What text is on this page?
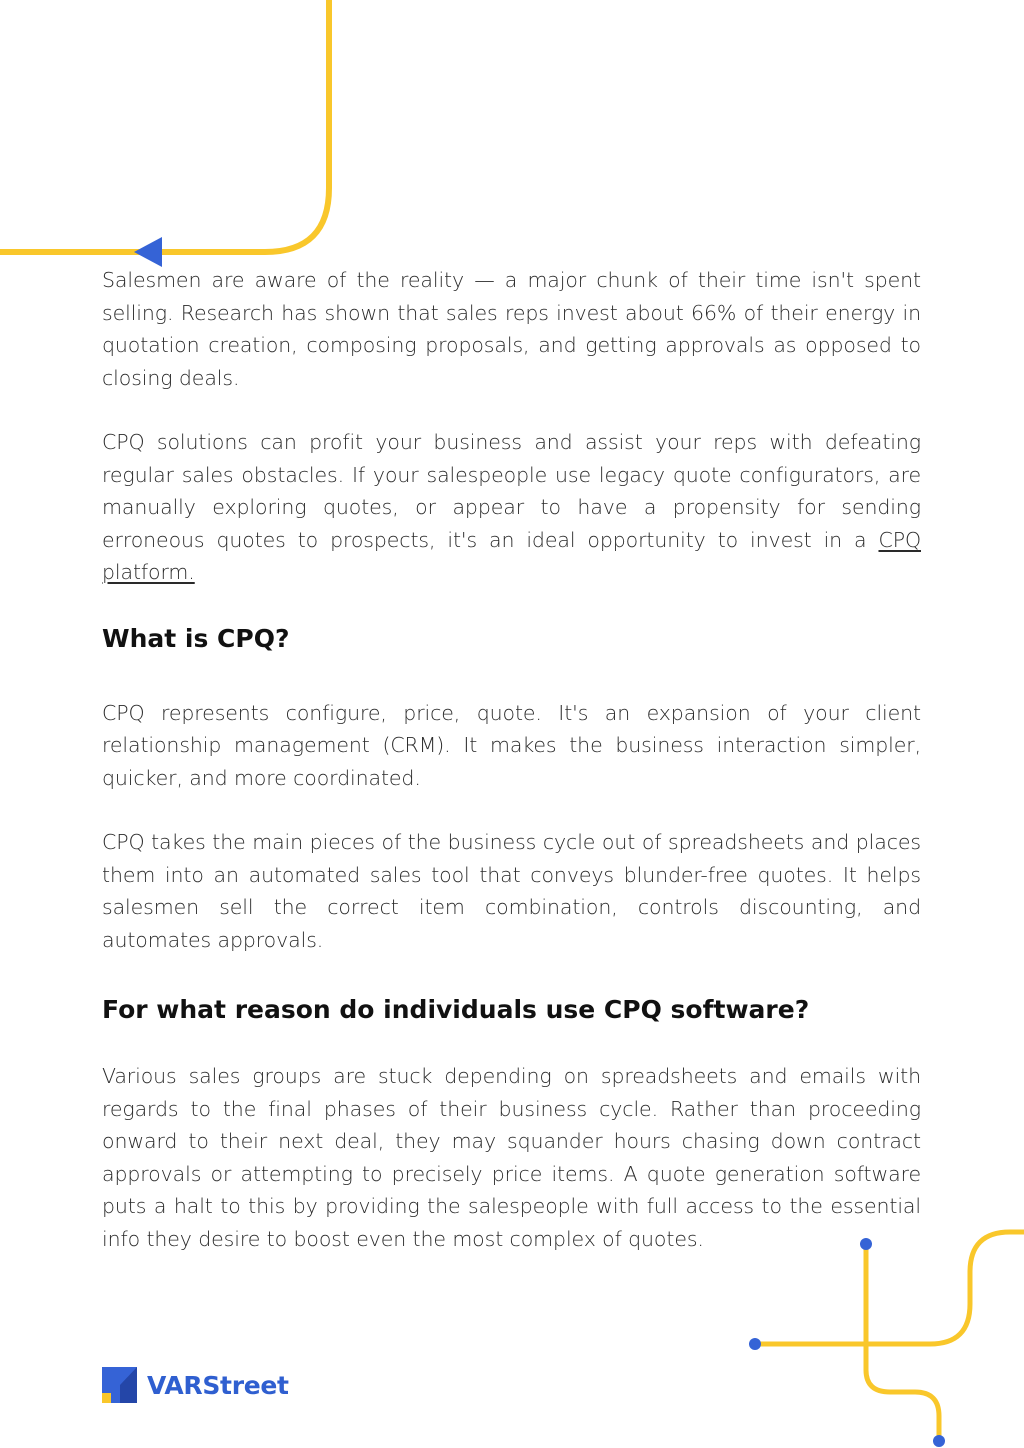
Salesmen are aware of the reality — a major chunk of their time isn't spent selling. Research has shown that sales reps invest about 66% of their energy in quotation creation, composing proposals, and getting approvals as opposed to closing deals.

CPQ solutions can profit your business and assist your reps with defeating regular sales obstacles. If your salespeople use legacy quote configurators, are manually exploring quotes, or appear to have a propensity for sending erroneous quotes to prospects, it's an ideal opportunity to invest in a CPQ platform.

What is CPQ?

CPQ represents configure, price, quote. It's an expansion of your client relationship management (CRM). It makes the business interaction simpler, quicker, and more coordinated.

CPQ takes the main pieces of the business cycle out of spreadsheets and places them into an automated sales tool that conveys blunder-free quotes. It helps salesmen sell the correct item combination, controls discounting, and automates approvals.

For what reason do individuals use CPQ software?

Various sales groups are stuck depending on spreadsheets and emails with regards to the final phases of their business cycle. Rather than proceeding onward to their next deal, they may squander hours chasing down contract approvals or attempting to precisely price items. A quote generation software puts a halt to this by providing the salespeople with full access to the essential info they desire to boost even the most complex of quotes.

VARStreet
